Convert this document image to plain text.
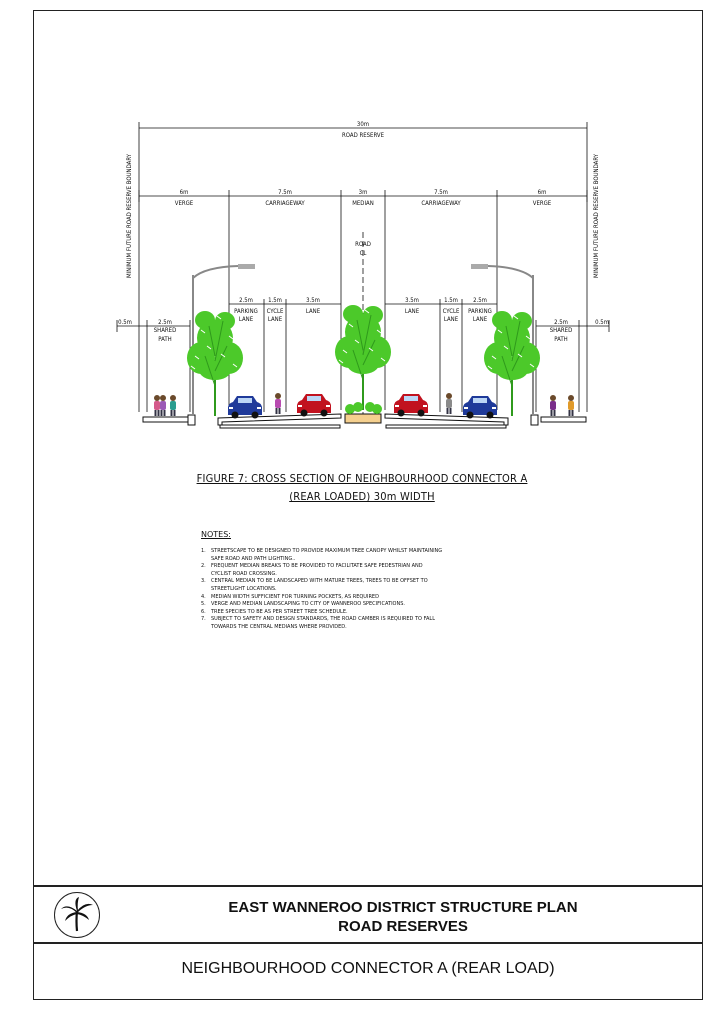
30m
ROAD RESERVE
6m
VERGE
7.5m
CARRIAGEWAY
3m
MEDIAN
7.5m
CARRIAGEWAY
6m
VERGE
ROAD
CL
0.5m	0.5m
2.5m
SHARED
PATH
2.5m
SHARED
PATH
2.5m
PARKING
LANE
1.5m
CYCLE
LANE
3.5m
LANE
3.5m
LANE
1.5m
CYCLE
LANE
2.5m
PARKING
LANE
MINIMUM FUTURE ROAD RESERVE BOUNDARY	MINIMUM FUTURE ROAD RESERVE BOUNDARY
FIGURE 7: CROSS SECTION OF NEIGHBOURHOOD CONNECTOR A
(REAR LOADED) 30m WIDTH
NOTES:
1.	STREETSCAPE TO BE DESIGNED TO PROVIDE MAXIMUM TREE CANOPY WHILST MAINTAINING
SAFE ROAD AND PATH LIGHTING..
2.	FREQUENT MEDIAN BREAKS TO BE PROVIDED TO FACILITATE SAFE PEDESTRIAN AND
CYCLIST ROAD CROSSING.
3.	CENTRAL MEDIAN TO BE LANDSCAPED WITH MATURE TREES, TREES TO BE OFFSET TO
STREETLIGHT LOCATIONS.
4.	MEDIAN WIDTH SUFFICIENT FOR TURNING POCKETS, AS REQUIRED
5.	VERGE AND MEDIAN LANDSCAPING TO CITY OF WANNEROO SPECIFICATIONS.
6.	TREE SPECIES TO BE AS PER STREET TREE SCHEDULE.
7.	SUBJECT TO SAFETY AND DESIGN STANDARDS, THE ROAD CAMBER IS REQUIRED TO FALL
TOWARDS THE CENTRAL MEDIANS WHERE PROVIDED.
EAST WANNEROO DISTRICT STRUCTURE PLAN
ROAD RESERVES
NEIGHBOURHOOD CONNECTOR A (REAR LOAD)
